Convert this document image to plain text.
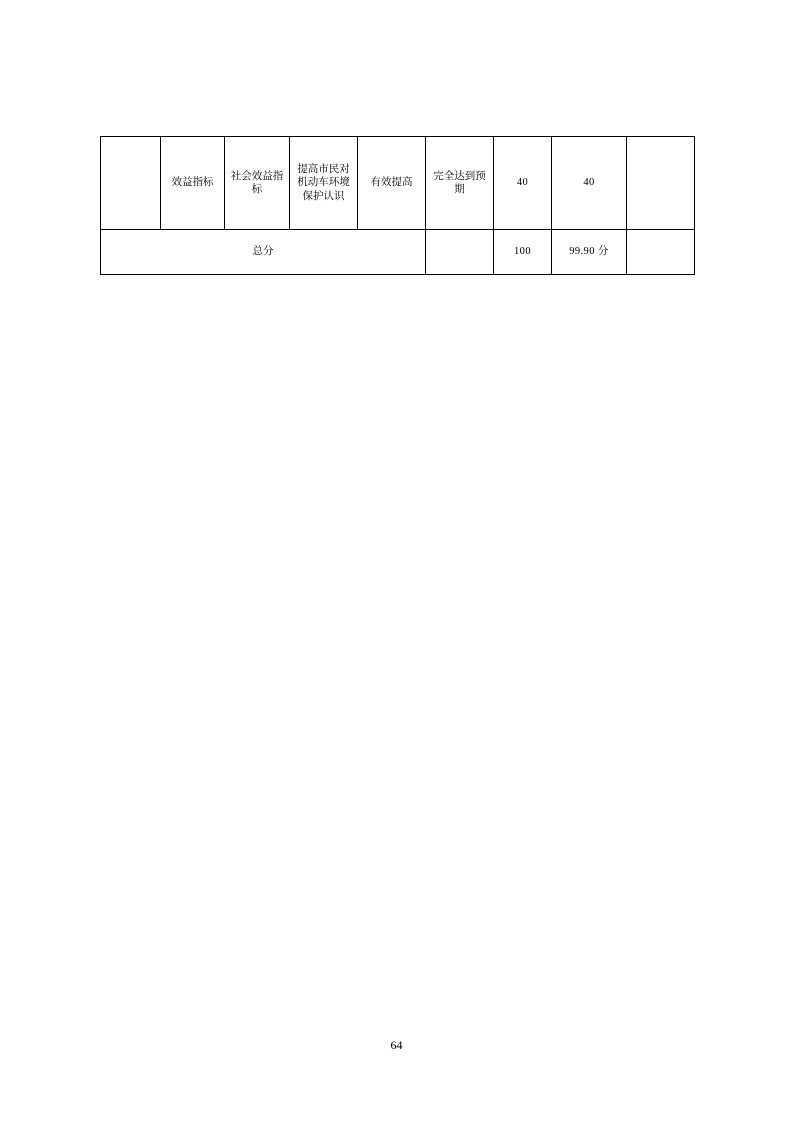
	效益指标	社会效益指标	提高市民对机动车环境保护认识	有效提高	完全达到预期	40	40	
总分						100	99.90 分	
64
